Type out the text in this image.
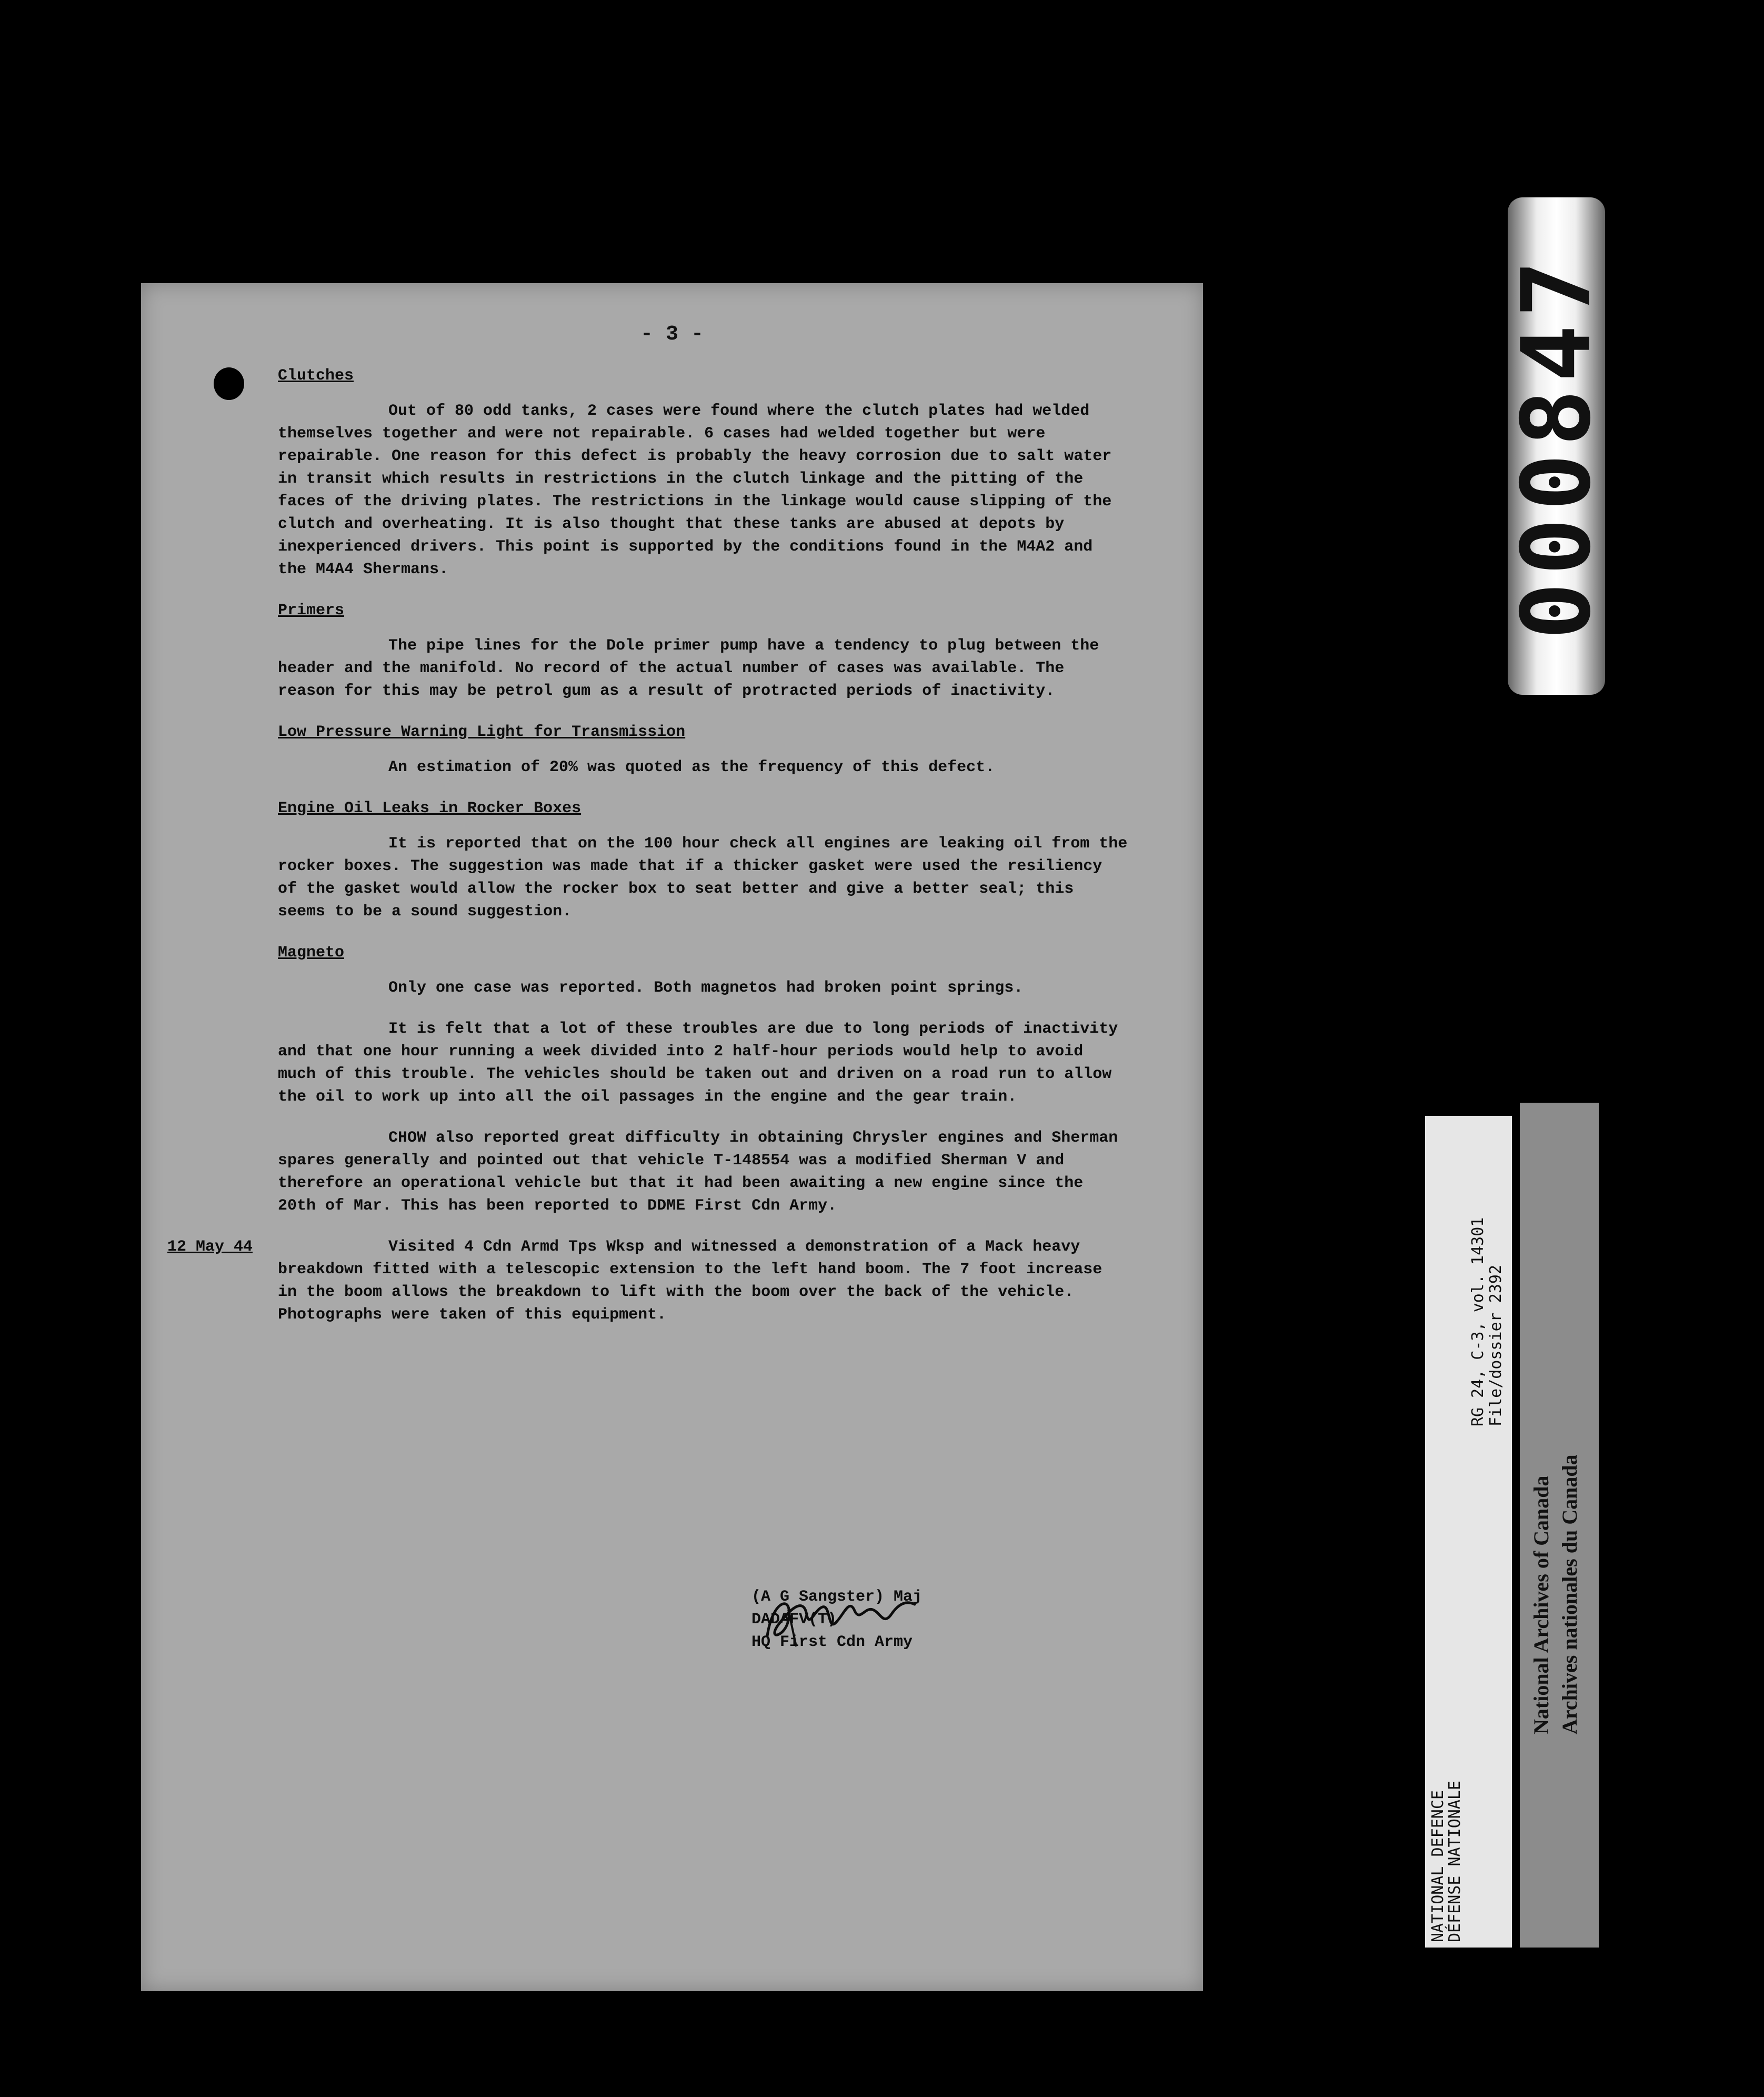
000847
- 3 -
Clutches

Out of 80 odd tanks, 2 cases were found where the clutch plates had welded themselves together and were not repairable. 6 cases had welded together but were repairable. One reason for this defect is probably the heavy corrosion due to salt water in transit which results in restrictions in the clutch linkage and the pitting of the faces of the driving plates. The restrictions in the linkage would cause slipping of the clutch and overheating. It is also thought that these tanks are abused at depots by inexperienced drivers. This point is supported by the conditions found in the M4A2 and the M4A4 Shermans.

Primers

The pipe lines for the Dole primer pump have a tendency to plug between the header and the manifold. No record of the actual number of cases was available. The reason for this may be petrol gum as a result of protracted periods of inactivity.

Low Pressure Warning Light for Transmission

An estimation of 20% was quoted as the frequency of this defect.

Engine Oil Leaks in Rocker Boxes

It is reported that on the 100 hour check all engines are leaking oil from the rocker boxes. The suggestion was made that if a thicker gasket were used the resiliency of the gasket would allow the rocker box to seat better and give a better seal; this seems to be a sound suggestion.

Magneto

Only one case was reported. Both magnetos had broken point springs.

It is felt that a lot of these troubles are due to long periods of inactivity and that one hour running a week divided into 2 half-hour periods would help to avoid much of this trouble. The vehicles should be taken out and driven on a road run to allow the oil to work up into all the oil passages in the engine and the gear train.

CHOW also reported great difficulty in obtaining Chrysler engines and Sherman spares generally and pointed out that vehicle T-148554 was a modified Sherman V and therefore an operational vehicle but that it had been awaiting a new engine since the 20th of Mar. This has been reported to DDME First Cdn Army.

12 May 44	Visited 4 Cdn Armd Tps Wksp and witnessed a demonstration of a Mack heavy breakdown fitted with a telescopic extension to the left hand boom. The 7 foot increase in the boom allows the breakdown to lift with the boom over the back of the vehicle. Photographs were taken of this equipment.

(A G Sangster) Maj
DADAFV(T)
HQ First Cdn Army
NATIONAL DEFENCE
DÉFENSE NATIONALE
RG 24, C-3, vol. 14301 File/dossier 2392
National Archives of Canada Archives nationales du Canada
